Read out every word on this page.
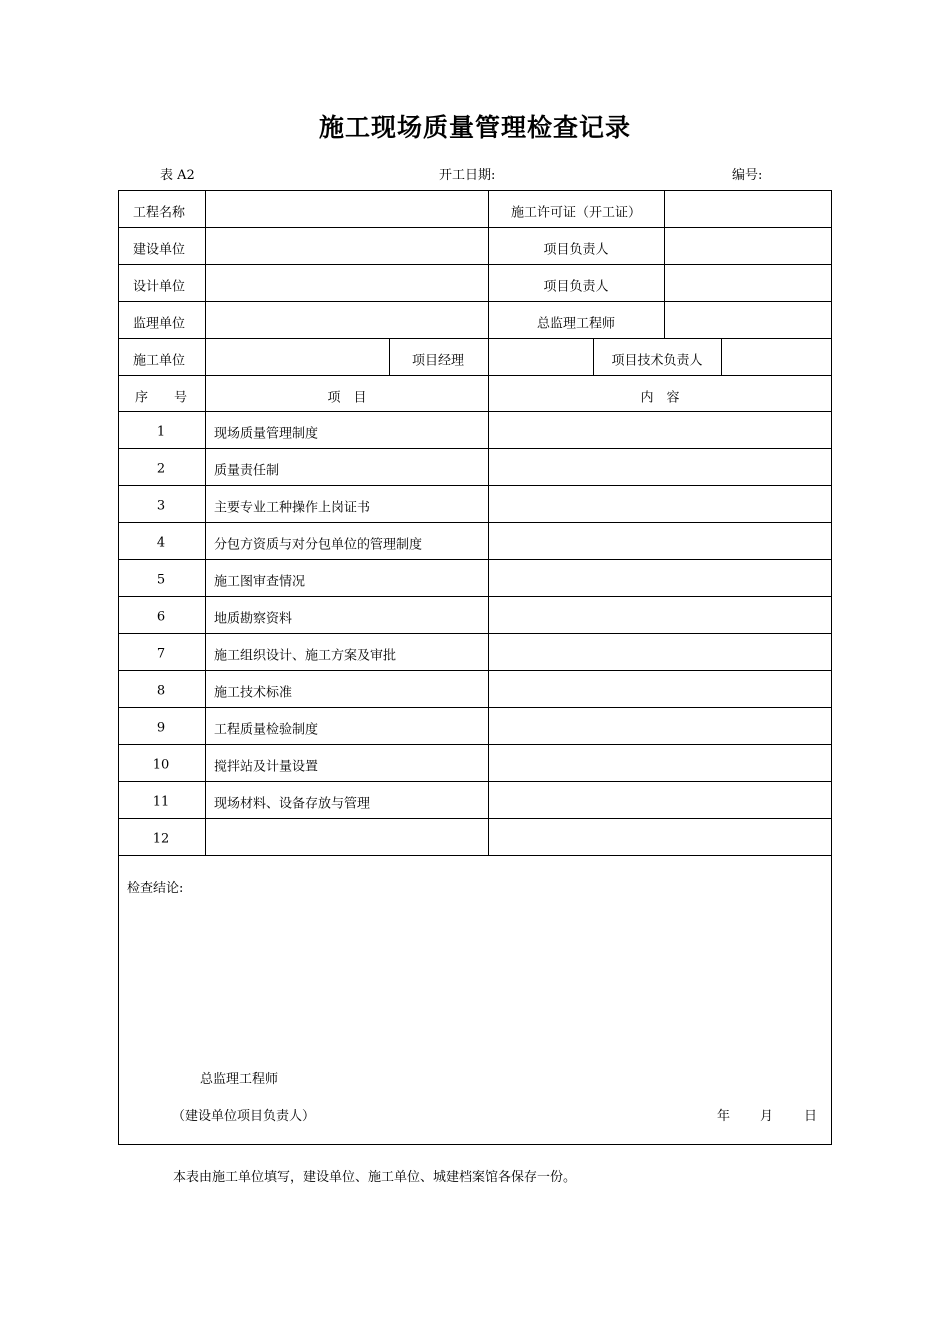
施工现场质量管理检查记录
表 A2	开工日期:	编号:
工程名称	施工许可证（开工证）
建设单位	项目负责人
设计单位	项目负责人
监理单位	总监理工程师
施工单位	项目经理	项目技术负责人
序　　号	项　目	内　容
1	现场质量管理制度
2	质量责任制
3	主要专业工种操作上岗证书
4	分包方资质与对分包单位的管理制度
5	施工图审查情况
6	地质勘察资料
7	施工组织设计、施工方案及审批
8	施工技术标准
9	工程质量检验制度
10	搅拌站及计量设置
11	现场材料、设备存放与管理
12
检查结论:
总监理工程师
（建设单位项目负责人）	年 月 日
本表由施工单位填写，建设单位、施工单位、城建档案馆各保存一份。
